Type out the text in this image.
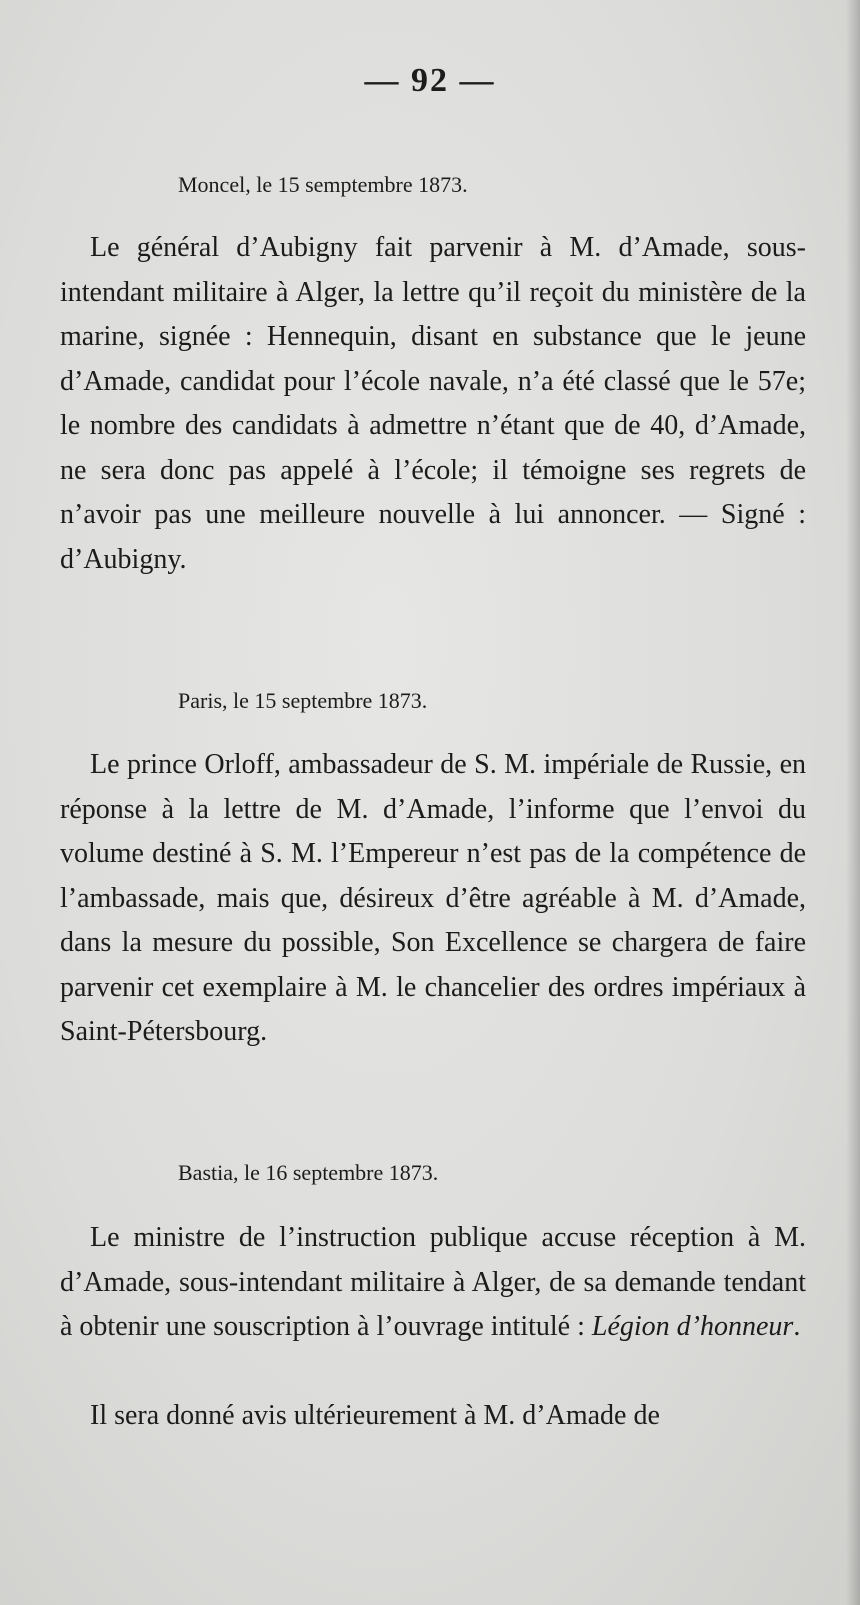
— 92 —
Moncel, le 15 semptembre 1873.

Le général d’Aubigny fait parvenir à M. d’Amade, sous-intendant militaire à Alger, la lettre qu’il reçoit du ministère de la marine, signée : Hennequin, disant en substance que le jeune d’Amade, candidat pour l’école navale, n’a été classé que le 57e; le nombre des candidats à admettre n’étant que de 40, d’Amade, ne sera donc pas appelé à l’école; il témoigne ses regrets de n’avoir pas une meilleure nouvelle à lui annoncer. — Signé : d’Aubigny.

Paris, le 15 septembre 1873.

Le prince Orloff, ambassadeur de S. M. impériale de Russie, en réponse à la lettre de M. d’Amade, l’informe que l’envoi du volume destiné à S. M. l’Empereur n’est pas de la compétence de l’ambassade, mais que, désireux d’être agréable à M. d’Amade, dans la mesure du possible, Son Excellence se chargera de faire parvenir cet exemplaire à M. le chancelier des ordres impériaux à Saint-Pétersbourg.

Bastia, le 16 septembre 1873.

Le ministre de l’instruction publique accuse réception à M. d’Amade, sous-intendant militaire à Alger, de sa demande tendant à obtenir une souscription à l’ouvrage intitulé : Légion d’honneur.

Il sera donné avis ultérieurement à M. d’Amade de
